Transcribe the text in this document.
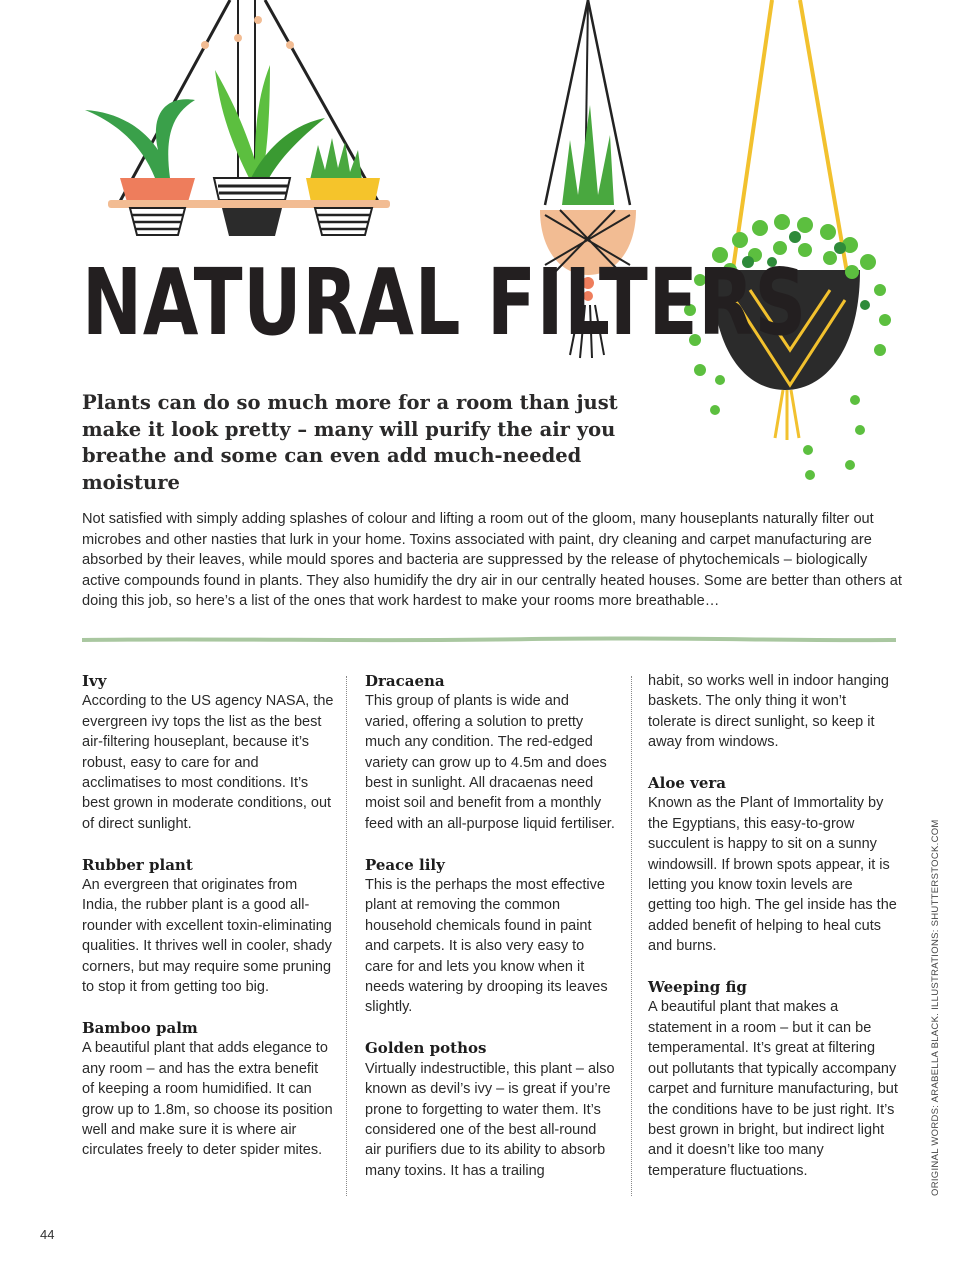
NATURAL FILTERS

Plants can do so much more for a room than just make it look pretty – many will purify the air you breathe and some can even add much-needed moisture

Not satisfied with simply adding splashes of colour and lifting a room out of the gloom, many houseplants naturally filter out microbes and other nasties that lurk in your home. Toxins associated with paint, dry cleaning and carpet manufacturing are absorbed by their leaves, while mould spores and bacteria are suppressed by the release of phytochemicals – biologically active compounds found in plants. They also humidify the dry air in our centrally heated houses. Some are better than others at doing this job, so here’s a list of the ones that work hardest to make your rooms more breathable…

Ivy

According to the US agency NASA, the evergreen ivy tops the list as the best air-filtering houseplant, because it’s robust, easy to care for and acclimatises to most conditions. It’s best grown in moderate conditions, out of direct sunlight.

Rubber plant

An evergreen that originates from India, the rubber plant is a good all-rounder with excellent toxin-eliminating qualities. It thrives well in cooler, shady corners, but may require some pruning to stop it from getting too big.

Bamboo palm

A beautiful plant that adds elegance to any room – and has the extra benefit of keeping a room humidified. It can grow up to 1.8m, so choose its position well and make sure it is where air circulates freely to deter spider mites.

Dracaena

This group of plants is wide and varied, offering a solution to pretty much any condition. The red-edged variety can grow up to 4.5m and does best in sunlight. All dracaenas need moist soil and benefit from a monthly feed with an all-purpose liquid fertiliser.

Peace lily

This is the perhaps the most effective plant at removing the common household chemicals found in paint and carpets. It is also very easy to care for and lets you know when it needs watering by drooping its leaves slightly.

Golden pothos

Virtually indestructible, this plant – also known as devil’s ivy – is great if you’re prone to forgetting to water them. It’s considered one of the best all-round air purifiers due to its ability to absorb many toxins. It has a trailing

habit, so works well in indoor hanging baskets. The only thing it won’t tolerate is direct sunlight, so keep it away from windows.

Aloe vera

Known as the Plant of Immortality by the Egyptians, this easy-to-grow succulent is happy to sit on a sunny windowsill. If brown spots appear, it is letting you know toxin levels are getting too high. The gel inside has the added benefit of helping to heal cuts and burns.

Weeping fig

A beautiful plant that makes a statement in a room – but it can be temperamental. It’s great at filtering out pollutants that typically accompany carpet and furniture manufacturing, but the conditions have to be just right. It’s best grown in bright, but indirect light and it doesn’t like too many temperature fluctuations.	ORIGINAL WORDS: ARABELLA BLACK. ILLUSTRATIONS: SHUTTERSTOCK.COM
44
